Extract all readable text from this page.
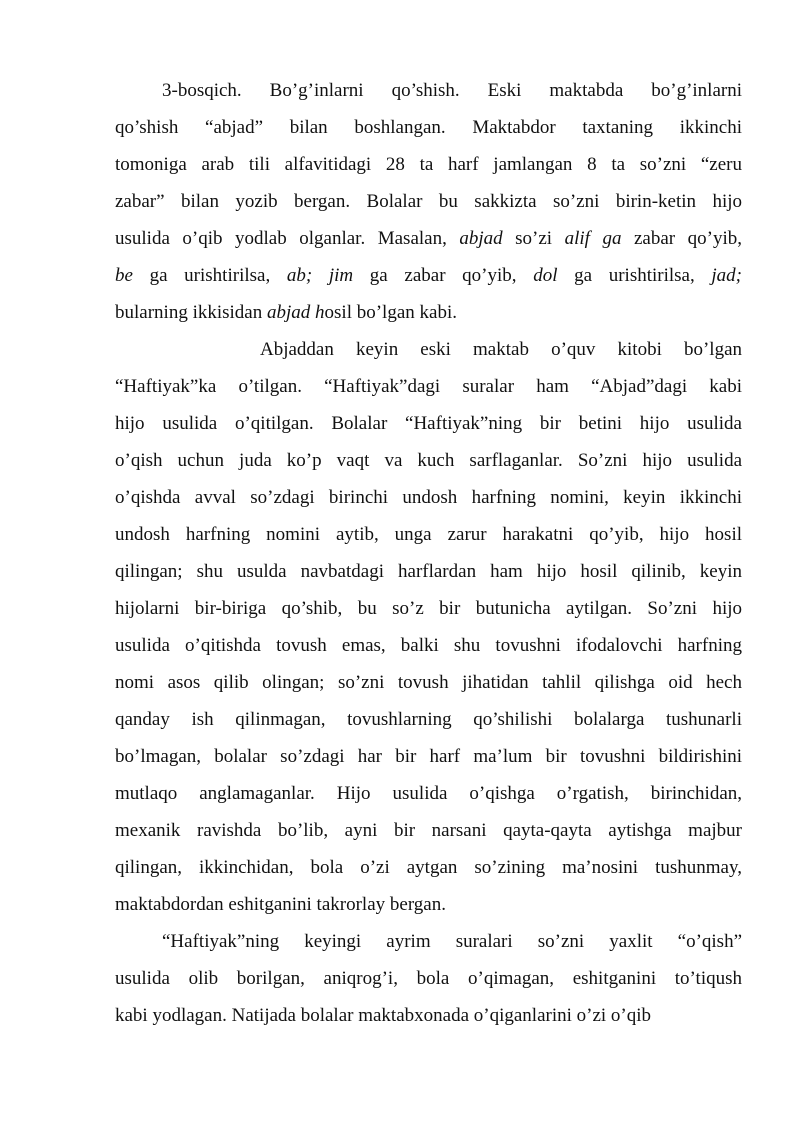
3-bosqich. Bo’g’inlarni qo’shish. Eski maktabda bo’g’inlarni
qo’shish “abjad” bilan boshlangan. Maktabdor taxtaning ikkinchi
tomoniga arab tili alfavitidagi 28 ta harf jamlangan 8 ta so’zni “zeru
zabar” bilan yozib bergan. Bolalar bu sakkizta so’zni birin-ketin hijo
usulida o’qib yodlab olganlar. Masalan, abjad so’zi alif ga zabar qo’yib,
be ga urishtirilsa, ab; jim ga zabar qo’yib, dol ga urishtirilsa, jad;
bularning ikkisidan abjad hosil bo’lgan kabi.

Abjaddan keyin eski maktab o’quv kitobi bo’lgan
“Haftiyak”ka o’tilgan. “Haftiyak”dagi suralar ham “Abjad”dagi kabi
hijo usulida o’qitilgan. Bolalar “Haftiyak”ning bir betini hijo usulida
o’qish uchun juda ko’p vaqt va kuch sarflaganlar. So’zni hijo usulida
o’qishda avval so’zdagi birinchi undosh harfning nomini, keyin ikkinchi
undosh harfning nomini aytib, unga zarur harakatni qo’yib, hijo hosil
qilingan; shu usulda navbatdagi harflardan ham hijo hosil qilinib, keyin
hijolarni bir-biriga qo’shib, bu so’z bir butunicha aytilgan. So’zni hijo
usulida o’qitishda tovush emas, balki shu tovushni ifodalovchi harfning
nomi asos qilib olingan; so’zni tovush jihatidan tahlil qilishga oid hech
qanday ish qilinmagan, tovushlarning qo’shilishi bolalarga tushunarli
bo’lmagan, bolalar so’zdagi har bir harf ma’lum bir tovushni bildirishini
mutlaqo anglamaganlar. Hijo usulida o’qishga o’rgatish, birinchidan,
mexanik ravishda bo’lib, ayni bir narsani qayta-qayta aytishga majbur
qilingan, ikkinchidan, bola o’zi aytgan so’zining ma’nosini tushunmay,
maktabdordan eshitganini takrorlay bergan.

“Haftiyak”ning keyingi ayrim suralari so’zni yaxlit “o’qish”
usulida olib borilgan, aniqrog’i, bola o’qimagan, eshitganini to’tiqush
kabi yodlagan. Natijada bolalar maktabxonada o’qiganlarini o’zi o’qib
